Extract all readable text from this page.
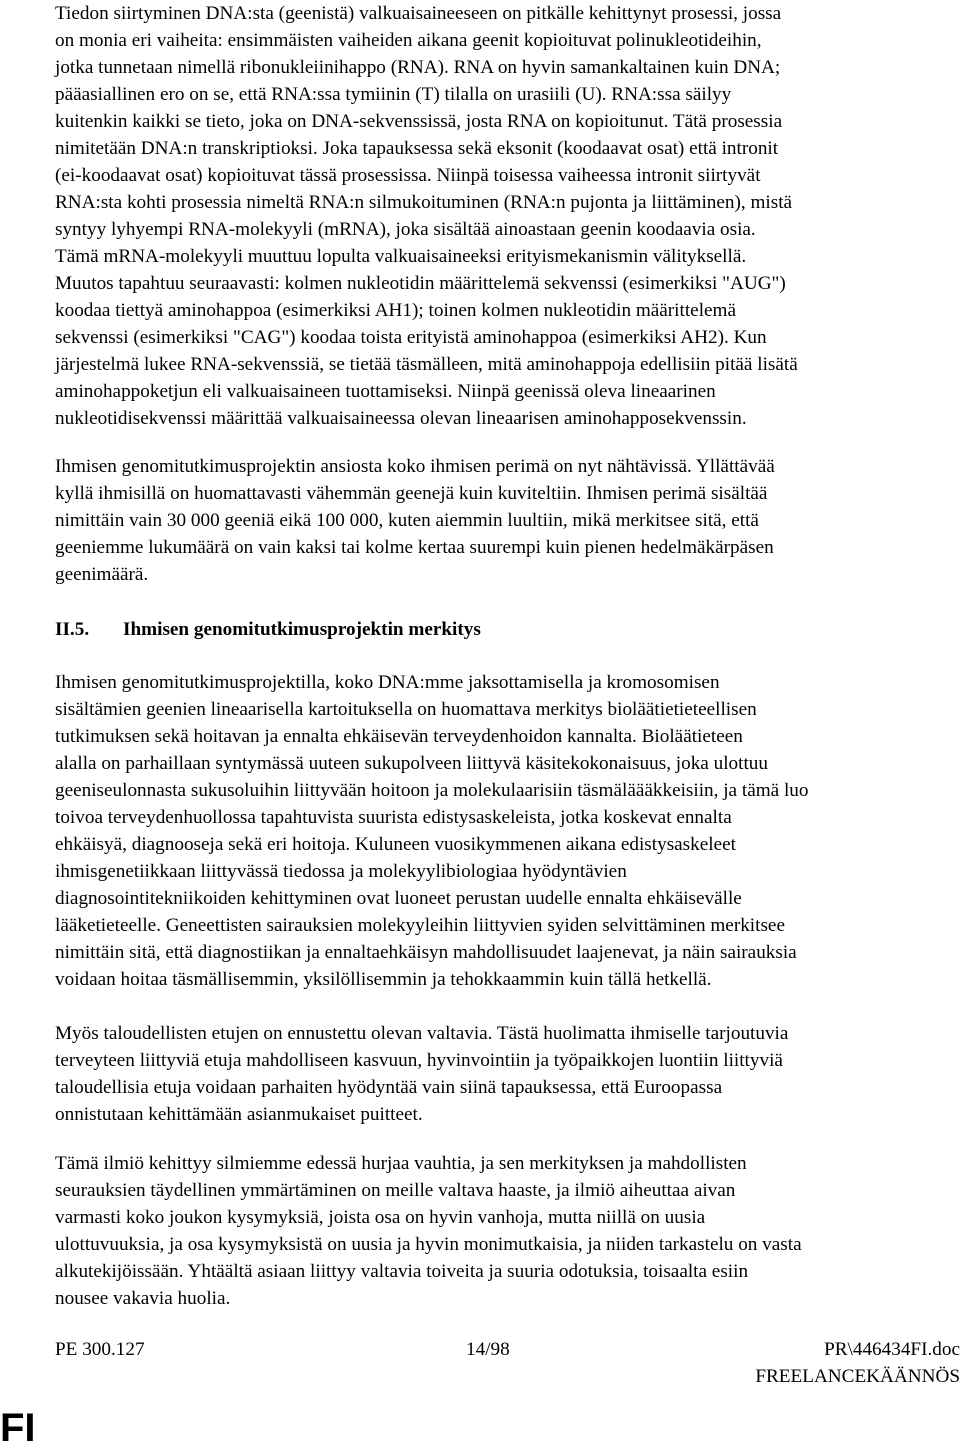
Tiedon siirtyminen DNA:sta (geenistä) valkuaisaineeseen on pitkälle kehittynyt prosessi, jossa
on monia eri vaiheita: ensimmäisten vaiheiden aikana geenit kopioituvat polinukleotideihin,
jotka tunnetaan nimellä ribonukleiinihappo (RNA). RNA on hyvin samankaltainen kuin DNA;
pääasiallinen ero on se, että RNA:ssa tymiinin (T) tilalla on urasiili (U). RNA:ssa säilyy
kuitenkin kaikki se tieto, joka on DNA-sekvenssissä, josta RNA on kopioitunut. Tätä prosessia
nimitetään DNA:n transkriptioksi. Joka tapauksessa sekä eksonit (koodaavat osat) että intronit
(ei-koodaavat osat) kopioituvat tässä prosessissa. Niinpä toisessa vaiheessa intronit siirtyvät
RNA:sta kohti prosessia nimeltä RNA:n silmukoituminen (RNA:n pujonta ja liittäminen), mistä
syntyy lyhyempi RNA-molekyyli (mRNA), joka sisältää ainoastaan geenin koodaavia osia.
Tämä mRNA-molekyyli muuttuu lopulta valkuaisaineeksi erityismekanismin välityksellä.
Muutos tapahtuu seuraavasti: kolmen nukleotidin määrittelemä sekvenssi (esimerkiksi "AUG")
koodaa tiettyä aminohappoa (esimerkiksi AH1); toinen kolmen nukleotidin määrittelemä
sekvenssi (esimerkiksi "CAG") koodaa toista erityistä aminohappoa (esimerkiksi AH2). Kun
järjestelmä lukee RNA-sekvenssiä, se tietää täsmälleen, mitä aminohappoja edellisiin pitää lisätä
aminohappoketjun eli valkuaisaineen tuottamiseksi. Niinpä geenissä oleva lineaarinen
nukleotidisekvenssi määrittää valkuaisaineessa olevan lineaarisen aminohapposekvenssin.
Ihmisen genomitutkimusprojektin ansiosta koko ihmisen perimä on nyt nähtävissä. Yllättävää
kyllä ihmisillä on huomattavasti vähemmän geenejä kuin kuviteltiin. Ihmisen perimä sisältää
nimittäin vain 30 000 geeniä eikä 100 000, kuten aiemmin luultiin, mikä merkitsee sitä, että
geeniemme lukumäärä on vain kaksi tai kolme kertaa suurempi kuin pienen hedelmäkärpäsen
geenimäärä.
II.5. Ihmisen genomitutkimusprojektin merkitys
Ihmisen genomitutkimusprojektilla, koko DNA:mme jaksottamisella ja kromosomisen
sisältämien geenien lineaarisella kartoituksella on huomattava merkitys bioläätietieteellisen
tutkimuksen sekä hoitavan ja ennalta ehkäisevän terveydenhoidon kannalta. Bioläätieteen
alalla on parhaillaan syntymässä uuteen sukupolveen liittyvä käsitekokonaisuus, joka ulottuu
geeniseulonnasta sukusoluihin liittyvään hoitoon ja molekulaarisiin täsmäläääkkeisiin, ja tämä luo
toivoa terveydenhuollossa tapahtuvista suurista edistysaskeleista, jotka koskevat ennalta
ehkäisyä, diagnooseja sekä eri hoitoja. Kuluneen vuosikymmenen aikana edistysaskeleet
ihmisgenetiikkaan liittyvässä tiedossa ja molekyylibiologiaa hyödyntävien
diagnosointitekniikoiden kehittyminen ovat luoneet perustan uudelle ennalta ehkäisevälle
lääketieteelle. Geneettisten sairauksien molekyyleihin liittyvien syiden selvittäminen merkitsee
nimittäin sitä, että diagnostiikan ja ennaltaehkäisyn mahdollisuudet laajenevat, ja näin sairauksia
voidaan hoitaa täsmällisemmin, yksilöllisemmin ja tehokkaammin kuin tällä hetkellä.
Myös taloudellisten etujen on ennustettu olevan valtavia. Tästä huolimatta ihmiselle tarjoutuvia
terveyteen liittyviä etuja mahdolliseen kasvuun, hyvinvointiin ja työpaikkojen luontiin liittyviä
taloudellisia etuja voidaan parhaiten hyödyntää vain siinä tapauksessa, että Euroopassa
onnistutaan kehittämään asianmukaiset puitteet.
Tämä ilmiö kehittyy silmiemme edessä hurjaa vauhtia, ja sen merkityksen ja mahdollisten
seurauksien täydellinen ymmärtäminen on meille valtava haaste, ja ilmiö aiheuttaa aivan
varmasti koko joukon kysymyksiä, joista osa on hyvin vanhoja, mutta niillä on uusia
ulottuvuuksia, ja osa kysymyksistä on uusia ja hyvin monimutkaisia, ja niiden tarkastelu on vasta
alkutekijöissään. Yhtäältä asiaan liittyy valtavia toiveita ja suuria odotuksia, toisaalta esiin
nousee vakavia huolia.
PE 300.127	14/98	PR\446434FI.doc
FREELANCEKÄÄNNÖS
FI
